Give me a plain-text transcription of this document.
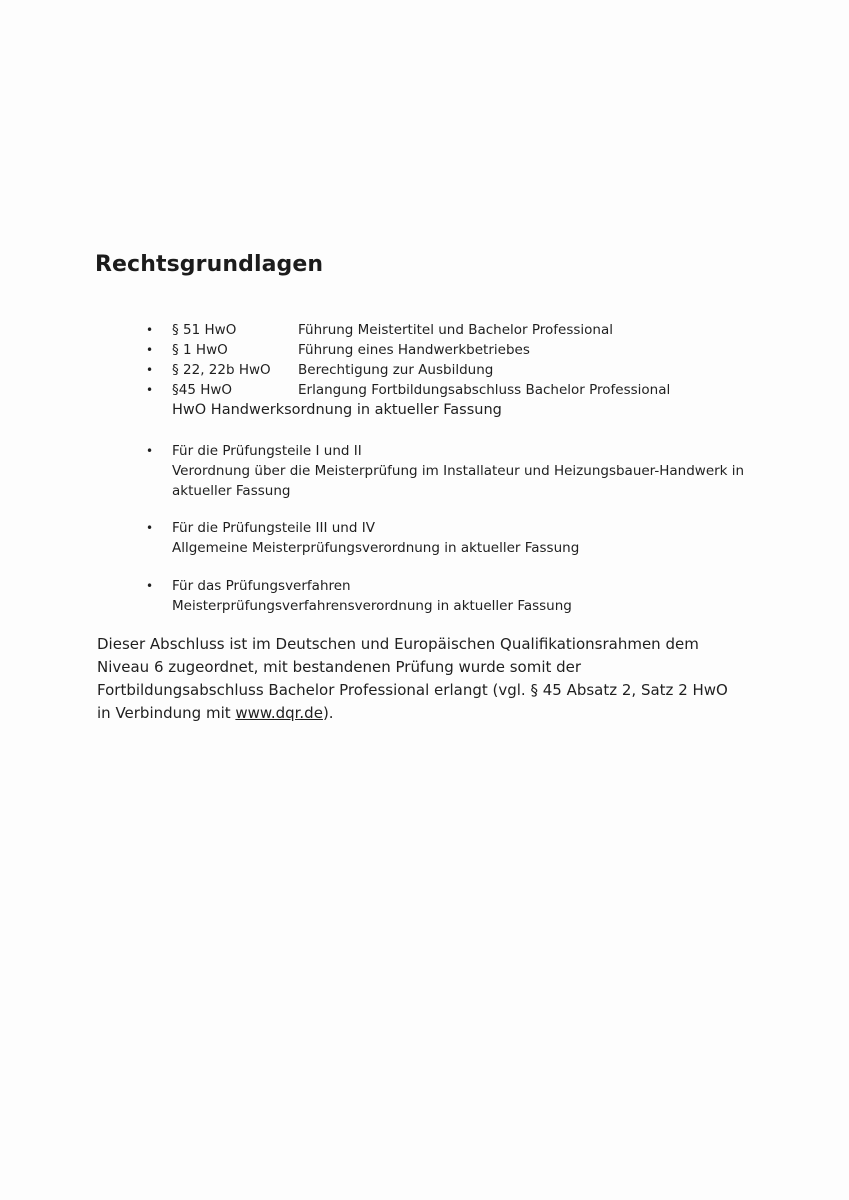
Rechtsgrundlagen
• § 51 HwO	Führung Meistertitel und Bachelor Professional
• § 1 HwO	Führung eines Handwerkbetriebes
• § 22, 22b HwO Berechtigung zur Ausbildung
• §45 HwO	Erlangung Fortbildungsabschluss Bachelor Professional
HwO Handwerksordnung in aktueller Fassung
• Für die Prüfungsteile I und II
Verordnung über die Meisterprüfung im Installateur und Heizungsbauer-Handwerk in
aktueller Fassung
• Für die Prüfungsteile III und IV
Allgemeine Meisterprüfungsverordnung in aktueller Fassung
• Für das Prüfungsverfahren
Meisterprüfungsverfahrensverordnung in aktueller Fassung

Dieser Abschluss ist im Deutschen und Europäischen Qualifikationsrahmen dem Niveau 6 zugeordnet, mit bestandenen Prüfung wurde somit der Fortbildungsabschluss Bachelor Professional erlangt (vgl. § 45 Absatz 2, Satz 2 HwO in Verbindung mit www.dqr.de).
